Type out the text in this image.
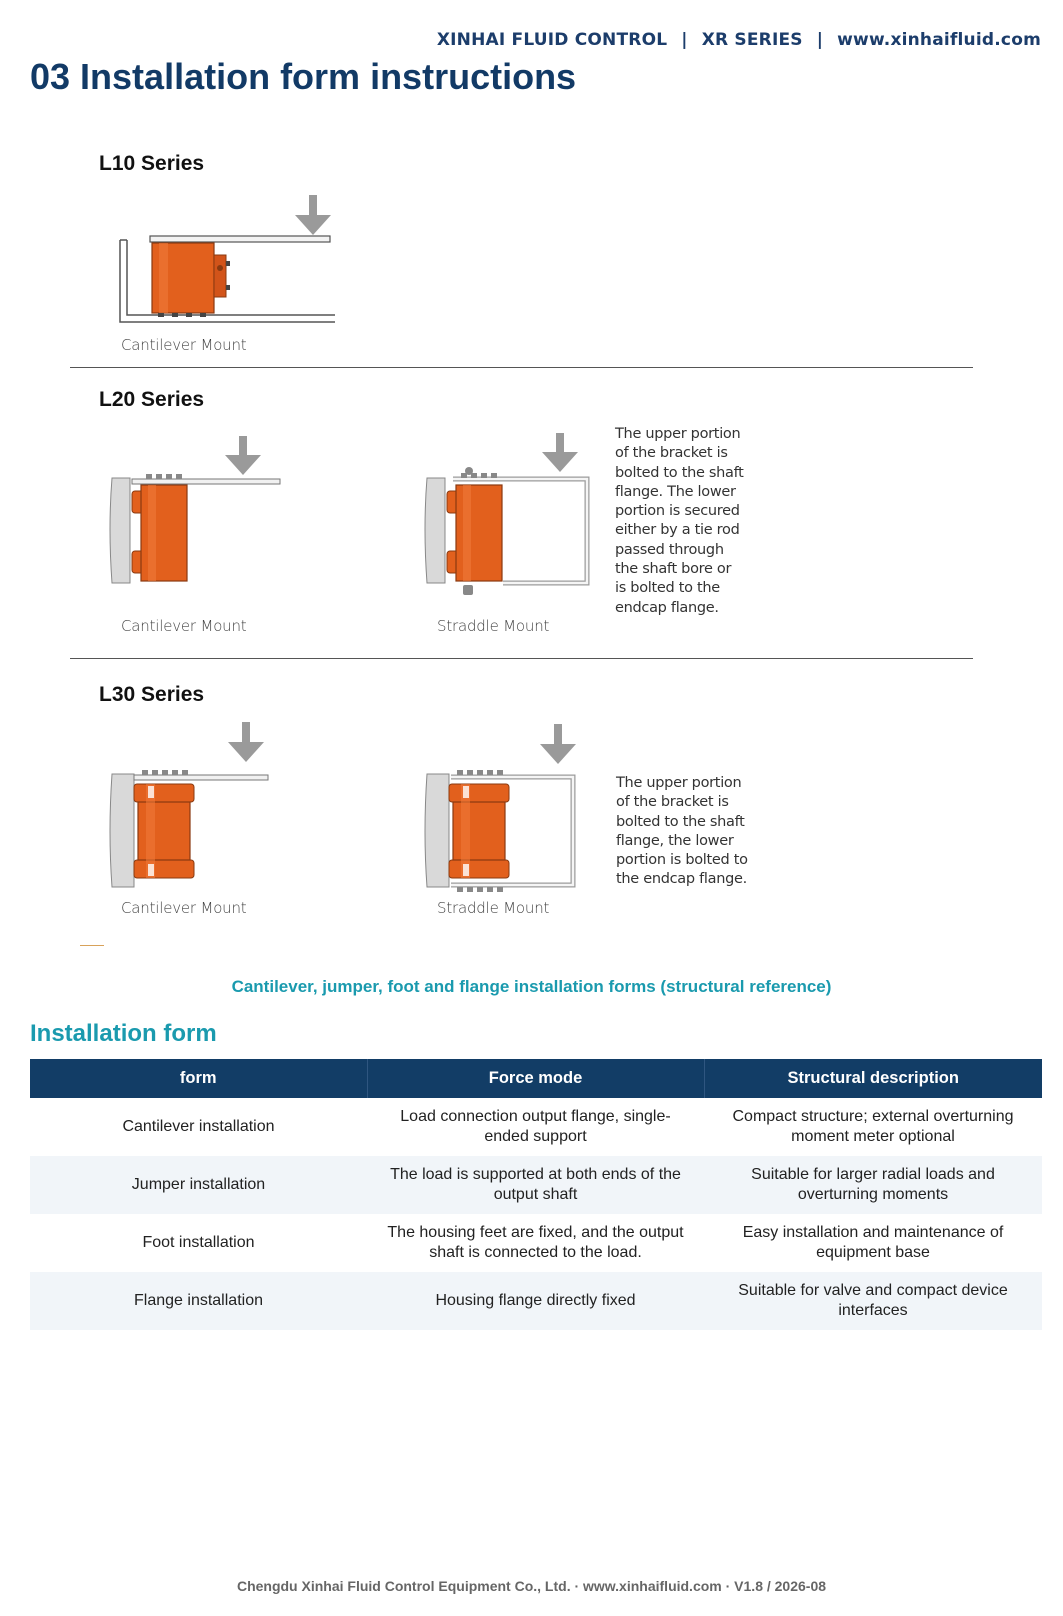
XINHAI FLUID CONTROL | XR SERIES | www.xinhaifluid.com
03 Installation form instructions
L10 Series
Cantilever Mount
L20 Series
Cantilever Mount	Straddle Mount
The upper portion
of the bracket is
bolted to the shaft
flange. The lower
portion is secured
either by a tie rod
passed through
the shaft bore or
is bolted to the
endcap flange.
L30 Series
Cantilever Mount	Straddle Mount
The upper portion
of the bracket is
bolted to the shaft
flange, the lower
portion is bolted to
the endcap flange.
Cantilever, jumper, foot and flange installation forms (structural reference)
Installation form
form	Force mode	Structural description
Cantilever installation	Load connection output flange, single-ended support	Compact structure; external overturning moment meter optional
Jumper installation	The load is supported at both ends of the output shaft	Suitable for larger radial loads and overturning moments
Foot installation	The housing feet are fixed, and the output shaft is connected to the load.	Easy installation and maintenance of equipment base
Flange installation	Housing flange directly fixed	Suitable for valve and compact device interfaces
Chengdu Xinhai Fluid Control Equipment Co., Ltd. · www.xinhaifluid.com · V1.8 / 2026-08
